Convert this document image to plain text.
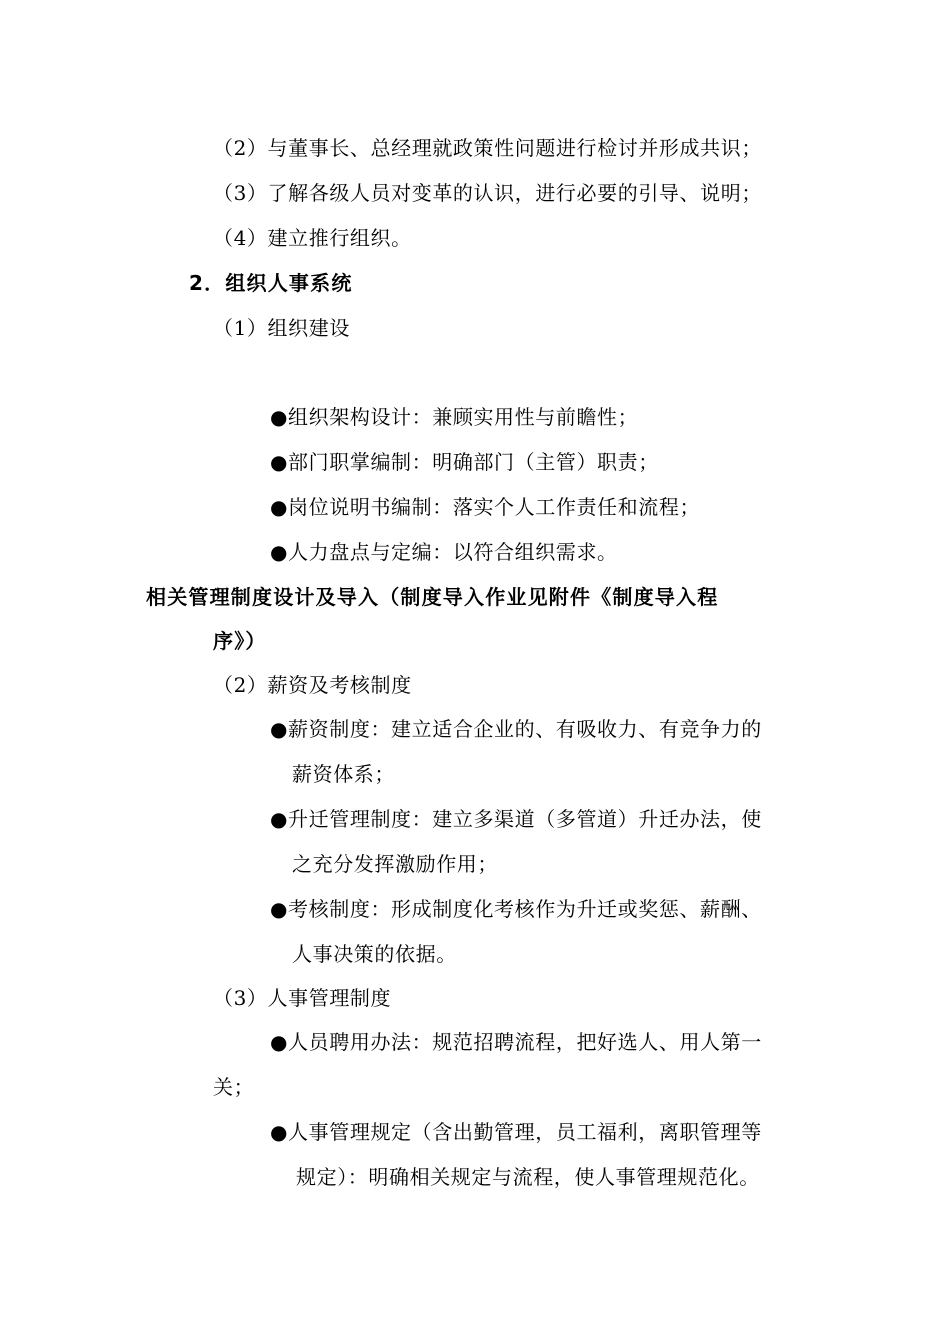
（2）与董事长、总经理就政策性问题进行检讨并形成共识；
（3）了解各级人员对变革的认识，进行必要的引导、说明；
（4）建立推行组织。
2．组织人事系统
（1）组织建设
●组织架构设计：兼顾实用性与前瞻性；
●部门职掌编制：明确部门（主管）职责；
●岗位说明书编制：落实个人工作责任和流程；
●人力盘点与定编：以符合组织需求。
相关管理制度设计及导入（制度导入作业见附件《制度导入程
序》）
（2）薪资及考核制度
●薪资制度：建立适合企业的、有吸收力、有竞争力的
薪资体系；
●升迁管理制度：建立多渠道（多管道）升迁办法，使
之充分发挥激励作用；
●考核制度：形成制度化考核作为升迁或奖惩、薪酬、
人事决策的依据。
（3）人事管理制度
●人员聘用办法：规范招聘流程，把好选人、用人第一
关；
●人事管理规定（含出勤管理，员工福利，离职管理等
规定）：明确相关规定与流程，使人事管理规范化。
